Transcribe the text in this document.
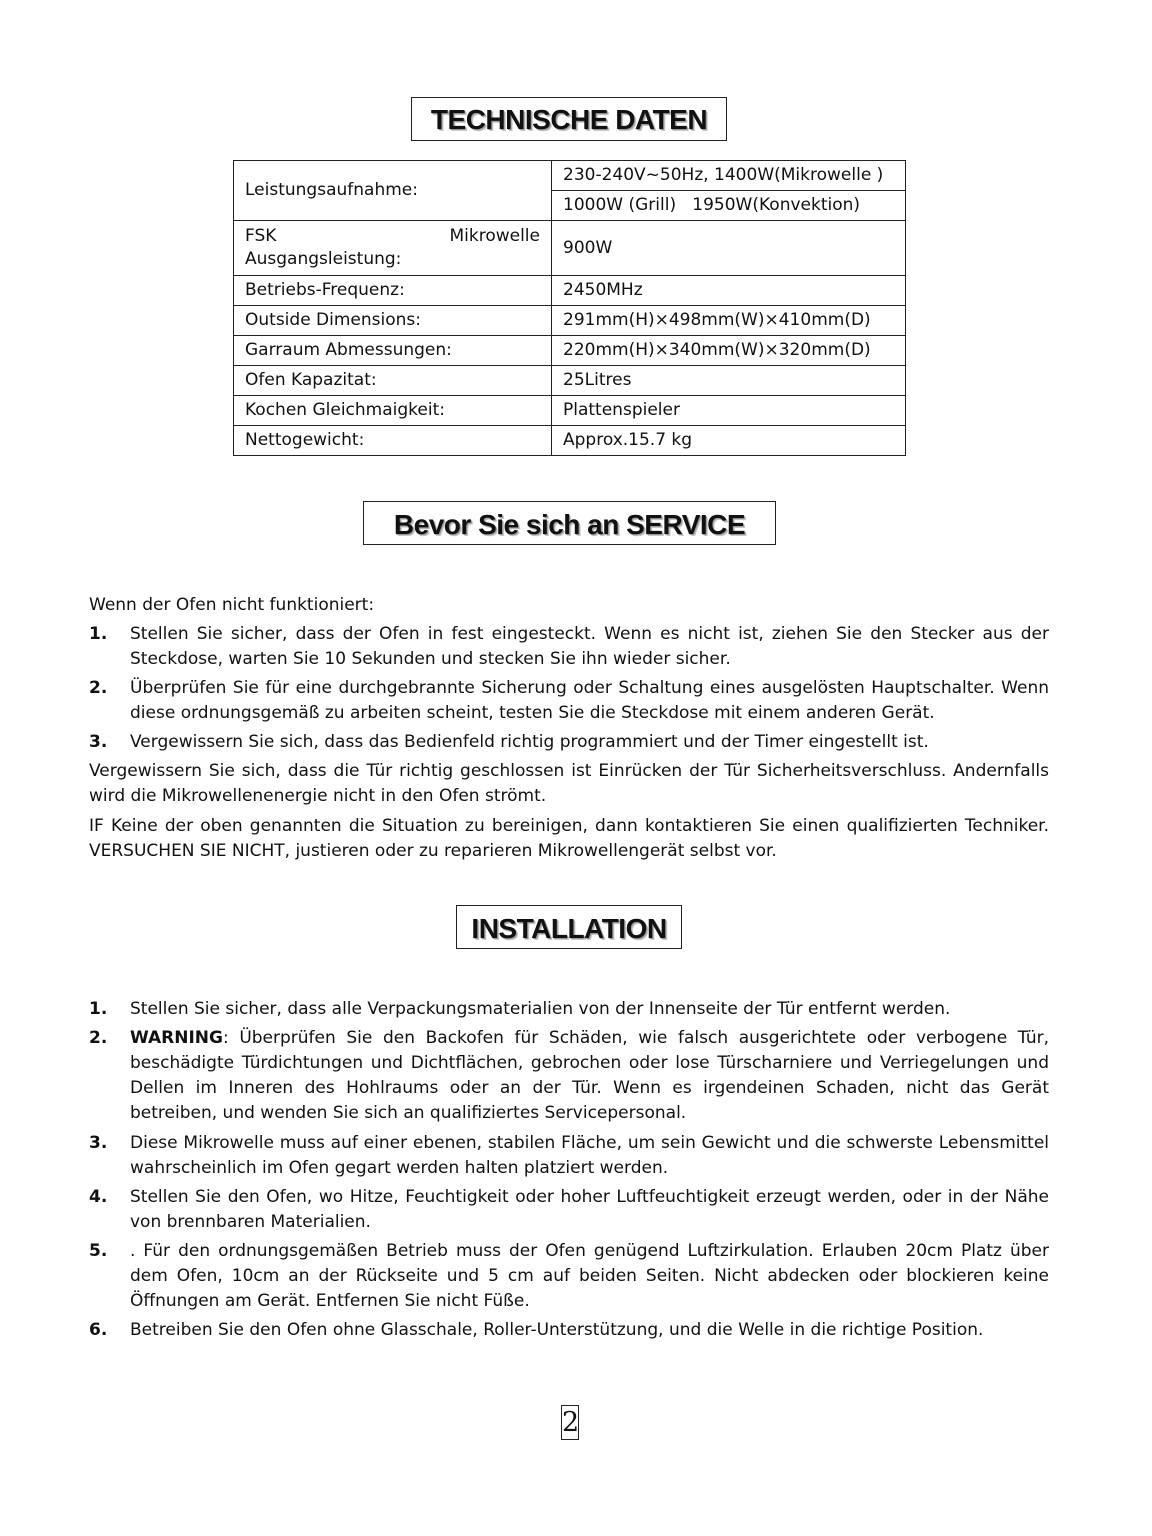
TECHNISCHE DATEN
Leistungsaufnahme:	230-240V~50Hz, 1400W(Mikrowelle )
	1000W (Grill)   1950W(Konvektion)

FSK Mikrowelle
Ausgangsleistung:	900W
Betriebs-Frequenz:	2450MHz
Outside Dimensions:	291mm(H)×498mm(W)×410mm(D)
Garraum Abmessungen:	220mm(H)×340mm(W)×320mm(D)
Ofen Kapazitat:	25Litres
Kochen Gleichmaigkeit:	Plattenspieler
Nettogewicht:	Approx.15.7 kg
Bevor Sie sich an SERVICE
Wenn der Ofen nicht funktioniert:
1. Stellen Sie sicher, dass der Ofen in fest eingesteckt. Wenn es nicht ist, ziehen Sie den Stecker aus der Steckdose, warten Sie 10 Sekunden und stecken Sie ihn wieder sicher.
2. Überprüfen Sie für eine durchgebrannte Sicherung oder Schaltung eines ausgelösten Hauptschalter. Wenn diese ordnungsgemäß zu arbeiten scheint, testen Sie die Steckdose mit einem anderen Gerät.
3. Vergewissern Sie sich, dass das Bedienfeld richtig programmiert und der Timer eingestellt ist.
Vergewissern Sie sich, dass die Tür richtig geschlossen ist Einrücken der Tür Sicherheitsverschluss. Andernfalls wird die Mikrowellenenergie nicht in den Ofen strömt.
IF Keine der oben genannten die Situation zu bereinigen, dann kontaktieren Sie einen qualifizierten Techniker. VERSUCHEN SIE NICHT, justieren oder zu reparieren Mikrowellengerät selbst vor.
INSTALLATION
1. Stellen Sie sicher, dass alle Verpackungsmaterialien von der Innenseite der Tür entfernt werden.
2. WARNING: Überprüfen Sie den Backofen für Schäden, wie falsch ausgerichtete oder verbogene Tür, beschädigte Türdichtungen und Dichtflächen, gebrochen oder lose Türscharniere und Verriegelungen und Dellen im Inneren des Hohlraums oder an der Tür. Wenn es irgendeinen Schaden, nicht das Gerät betreiben, und wenden Sie sich an qualifiziertes Servicepersonal.
3. Diese Mikrowelle muss auf einer ebenen, stabilen Fläche, um sein Gewicht und die schwerste Lebensmittel wahrscheinlich im Ofen gegart werden halten platziert werden.
4. Stellen Sie den Ofen, wo Hitze, Feuchtigkeit oder hoher Luftfeuchtigkeit erzeugt werden, oder in der Nähe von brennbaren Materialien.
5. . Für den ordnungsgemäßen Betrieb muss der Ofen genügend Luftzirkulation. Erlauben 20cm Platz über dem Ofen, 10cm an der Rückseite und 5 cm auf beiden Seiten. Nicht abdecken oder blockieren keine Öffnungen am Gerät. Entfernen Sie nicht Füße.
6. Betreiben Sie den Ofen ohne Glasschale, Roller-Unterstützung, und die Welle in die richtige Position.
2
